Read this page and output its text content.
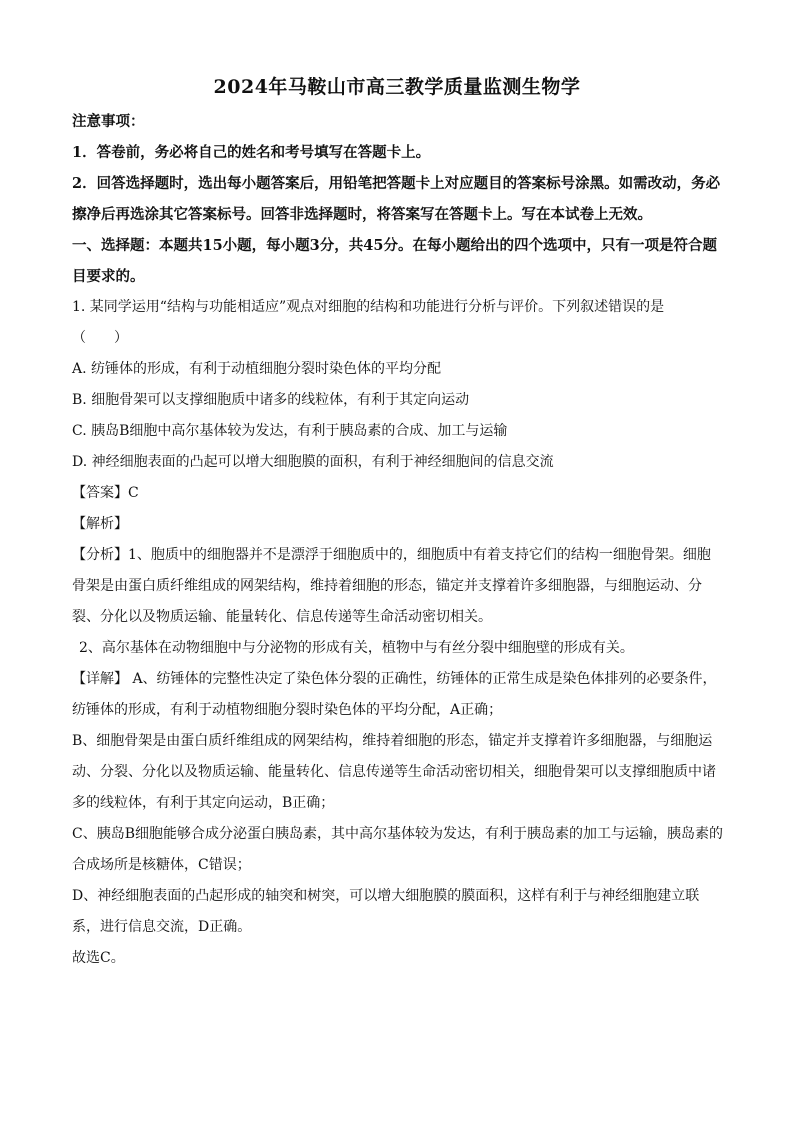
2024年马鞍山市高三教学质量监测生物学

注意事项：

1．答卷前，务必将自己的姓名和考号填写在答题卡上。

2．回答选择题时，选出每小题答案后，用铅笔把答题卡上对应题目的答案标号涂黑。如需改动，务必擦净后再选涂其它答案标号。回答非选择题时，将答案写在答题卡上。写在本试卷上无效。

一、选择题：本题共15小题，每小题3分，共45分。在每小题给出的四个选项中，只有一项是符合题目要求的。

1. 某同学运用“结构与功能相适应”观点对细胞的结构和功能进行分析与评价。下列叙述错误的是

（　　）

A. 纺锤体的形成，有利于动植细胞分裂时染色体的平均分配

B. 细胞骨架可以支撑细胞质中诸多的线粒体，有利于其定向运动

C. 胰岛B细胞中高尔基体较为发达，有利于胰岛素的合成、加工与运输

D. 神经细胞表面的凸起可以增大细胞膜的面积，有利于神经细胞间的信息交流

【答案】C

【解析】

【分析】1、胞质中的细胞器并不是漂浮于细胞质中的，细胞质中有着支持它们的结构一细胞骨架。细胞骨架是由蛋白质纤维组成的网架结构，维持着细胞的形态，锚定并支撑着许多细胞器，与细胞运动、分裂、分化以及物质运输、能量转化、信息传递等生命活动密切相关。

2、高尔基体在动物细胞中与分泌物的形成有关，植物中与有丝分裂中细胞壁的形成有关。

【详解】 A、纺锤体的完整性决定了染色体分裂的正确性，纺锤体的正常生成是染色体排列的必要条件，纺锤体的形成，有利于动植物细胞分裂时染色体的平均分配，A正确；

B、细胞骨架是由蛋白质纤维组成的网架结构，维持着细胞的形态，锚定并支撑着许多细胞器，与细胞运动、分裂、分化以及物质运输、能量转化、信息传递等生命活动密切相关，细胞骨架可以支撑细胞质中诸多的线粒体，有利于其定向运动，B正确；

C、胰岛B细胞能够合成分泌蛋白胰岛素，其中高尔基体较为发达，有利于胰岛素的加工与运输，胰岛素的合成场所是核糖体，C错误；

D、神经细胞表面的凸起形成的轴突和树突，可以增大细胞膜的膜面积，这样有利于与神经细胞建立联系，进行信息交流，D正确。

故选C。
